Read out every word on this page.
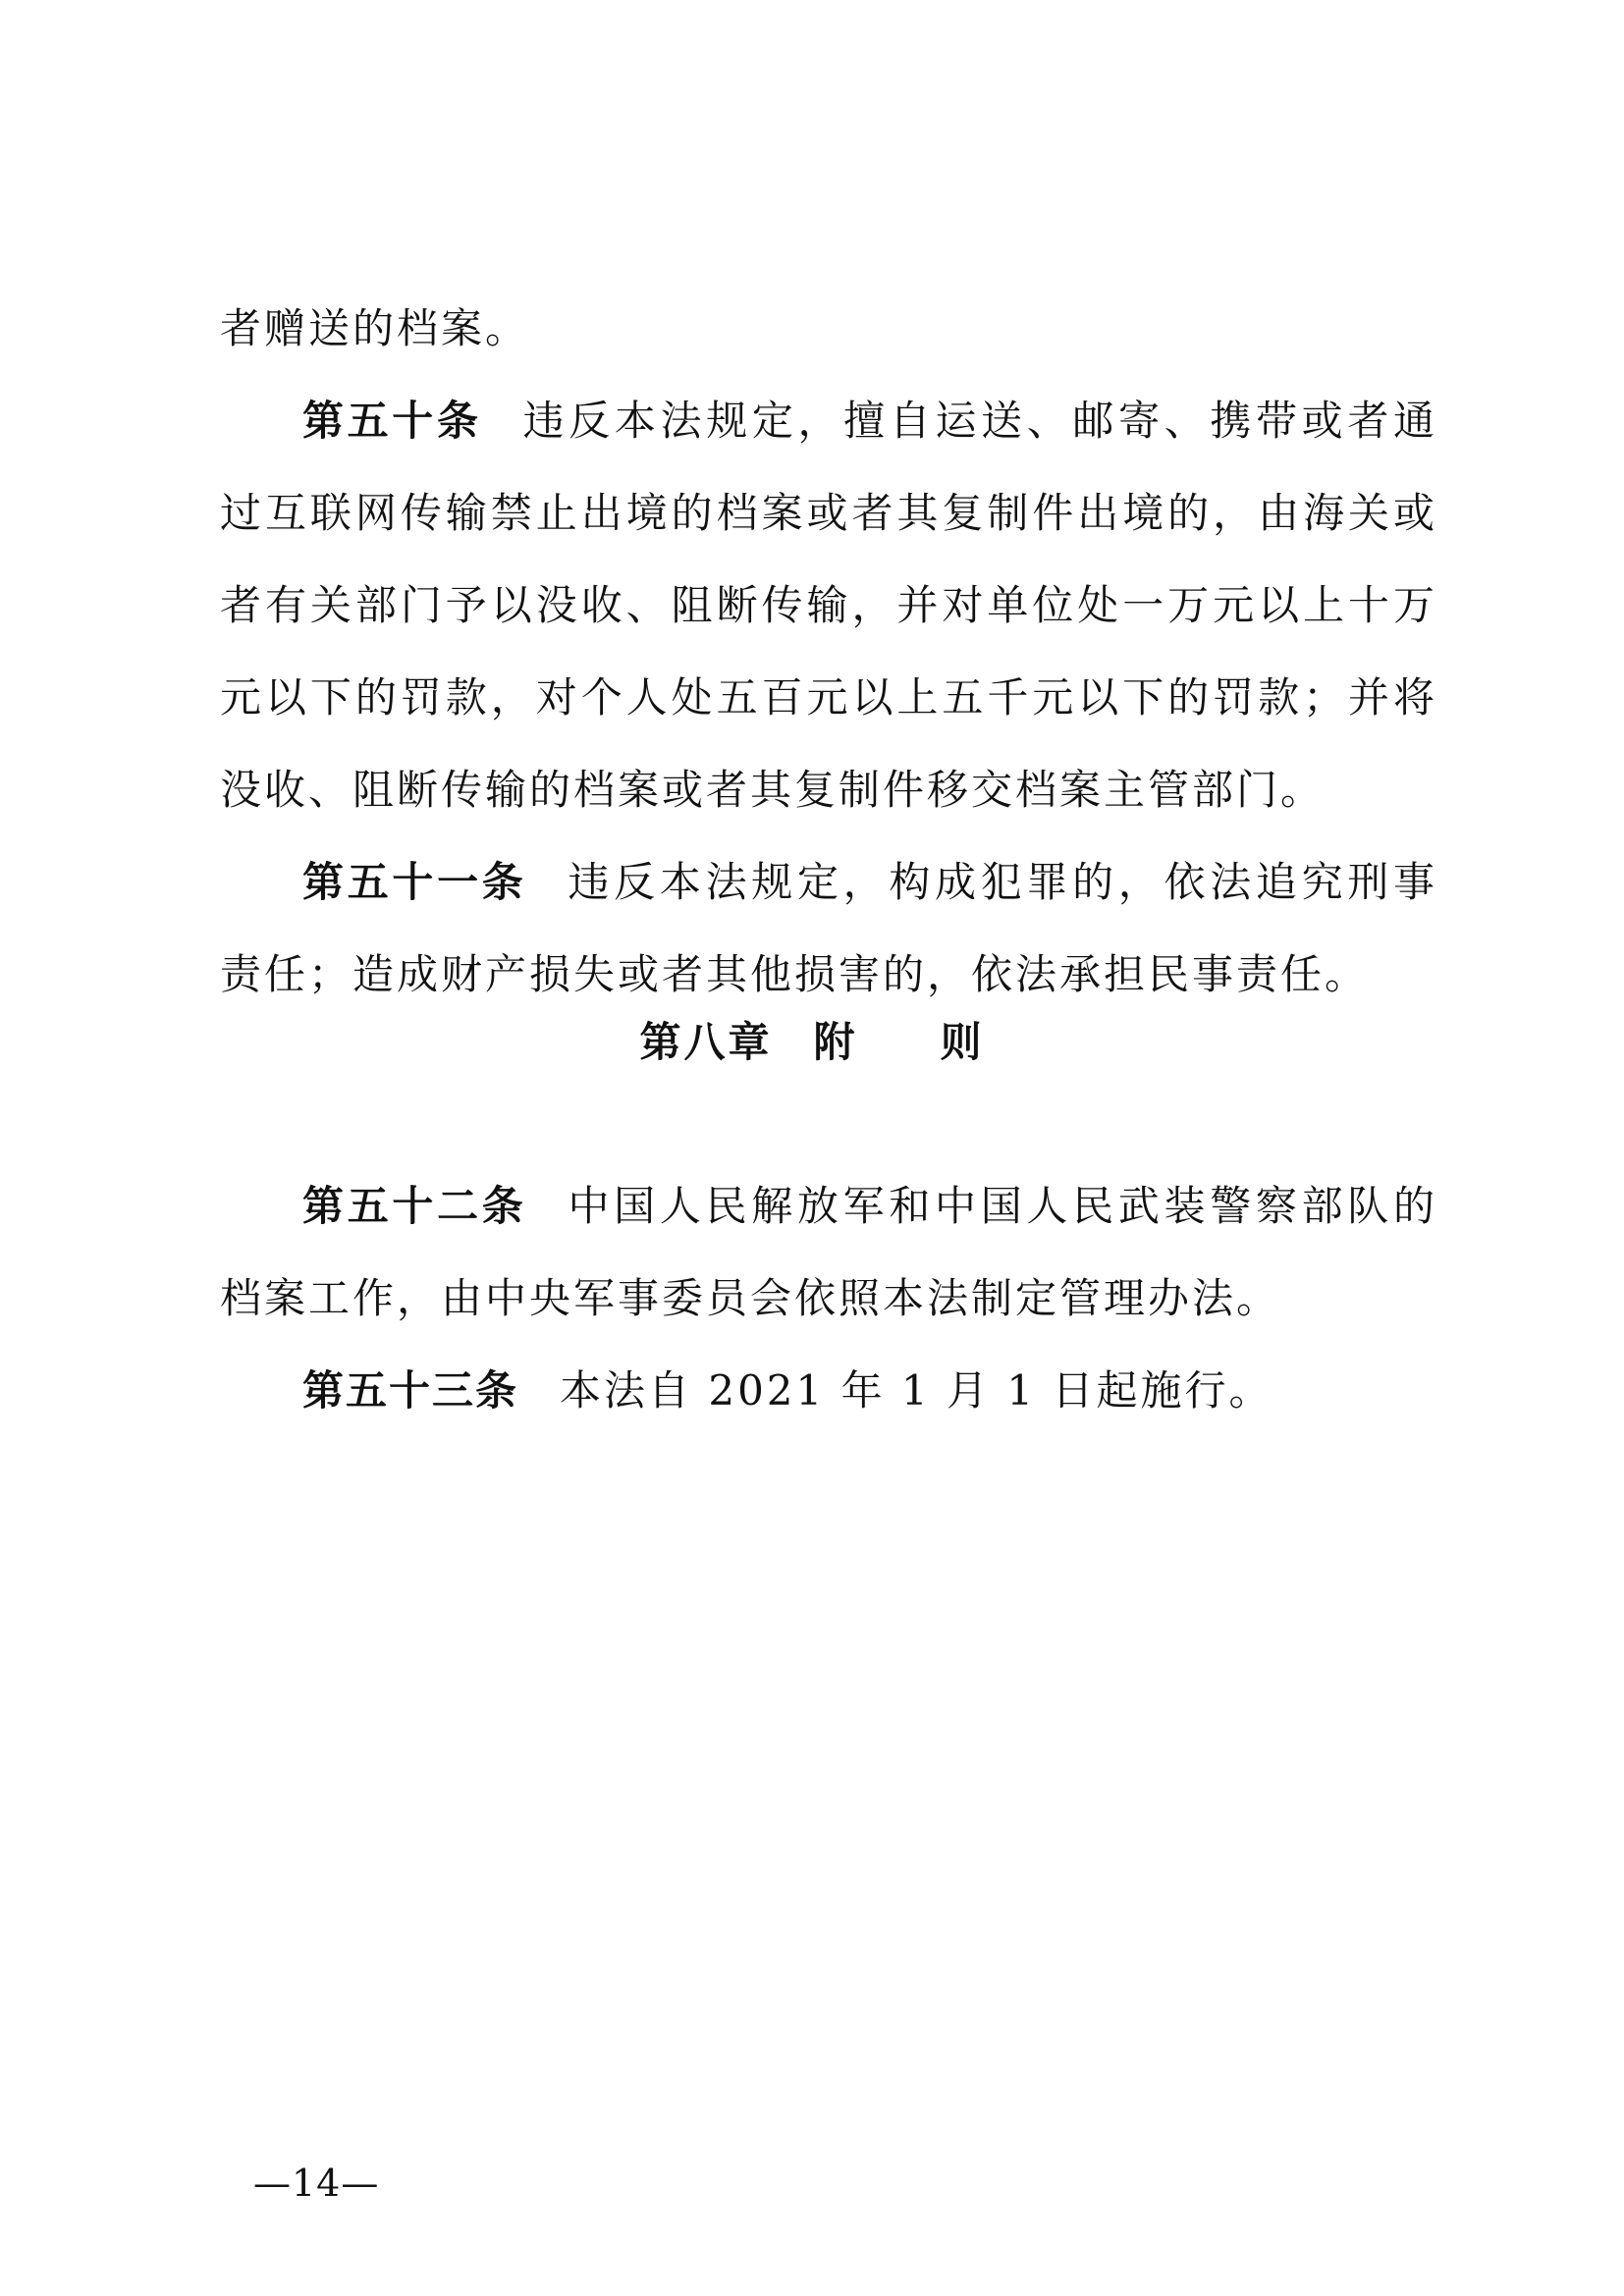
者赠送的档案。

第五十条 违反本法规定，擅自运送、邮寄、携带或者通过互联网传输禁止出境的档案或者其复制件出境的，由海关或者有关部门予以没收、阻断传输，并对单位处一万元以上十万元以下的罚款，对个人处五百元以上五千元以下的罚款；并将没收、阻断传输的档案或者其复制件移交档案主管部门。

第五十一条 违反本法规定，构成犯罪的，依法追究刑事责任；造成财产损失或者其他损害的，依法承担民事责任。

第八章 附 则

第五十二条 中国人民解放军和中国人民武装警察部队的档案工作，由中央军事委员会依照本法制定管理办法。

第五十三条 本法自 2021 年 1 月 1 日起施行。

—14—
